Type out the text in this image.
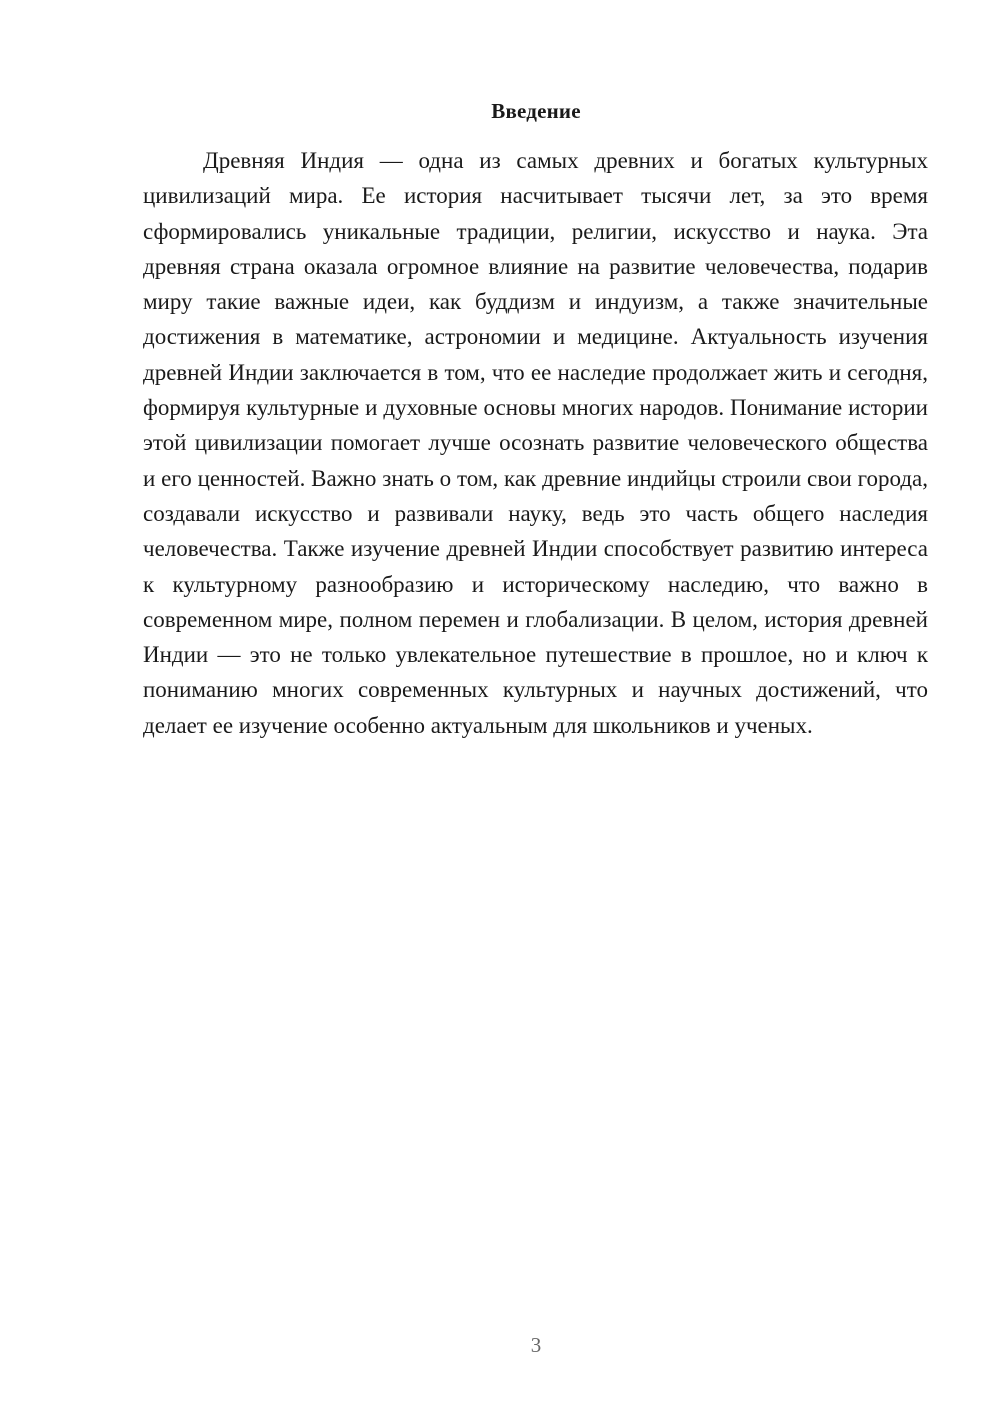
Введение

Древняя Индия — одна из самых древних и богатых культурных цивилизаций мира. Ее история насчитывает тысячи лет, за это время сформировались уникальные традиции, религии, искусство и наука. Эта древняя страна оказала огромное влияние на развитие человечества, подарив миру такие важные идеи, как буддизм и индуизм, а также значительные достижения в математике, астрономии и медицине. Актуальность изучения древней Индии заключается в том, что ее наследие продолжает жить и сегодня, формируя культурные и духовные основы многих народов. Понимание истории этой цивилизации помогает лучше осознать развитие человеческого общества и его ценностей. Важно знать о том, как древние индийцы строили свои города, создавали искусство и развивали науку, ведь это часть общего наследия человечества. Также изучение древней Индии способствует развитию интереса к культурному разнообразию и историческому наследию, что важно в современном мире, полном перемен и глобализации. В целом, история древней Индии — это не только увлекательное путешествие в прошлое, но и ключ к пониманию многих современных культурных и научных достижений, что делает ее изучение особенно актуальным для школьников и ученых.

3
